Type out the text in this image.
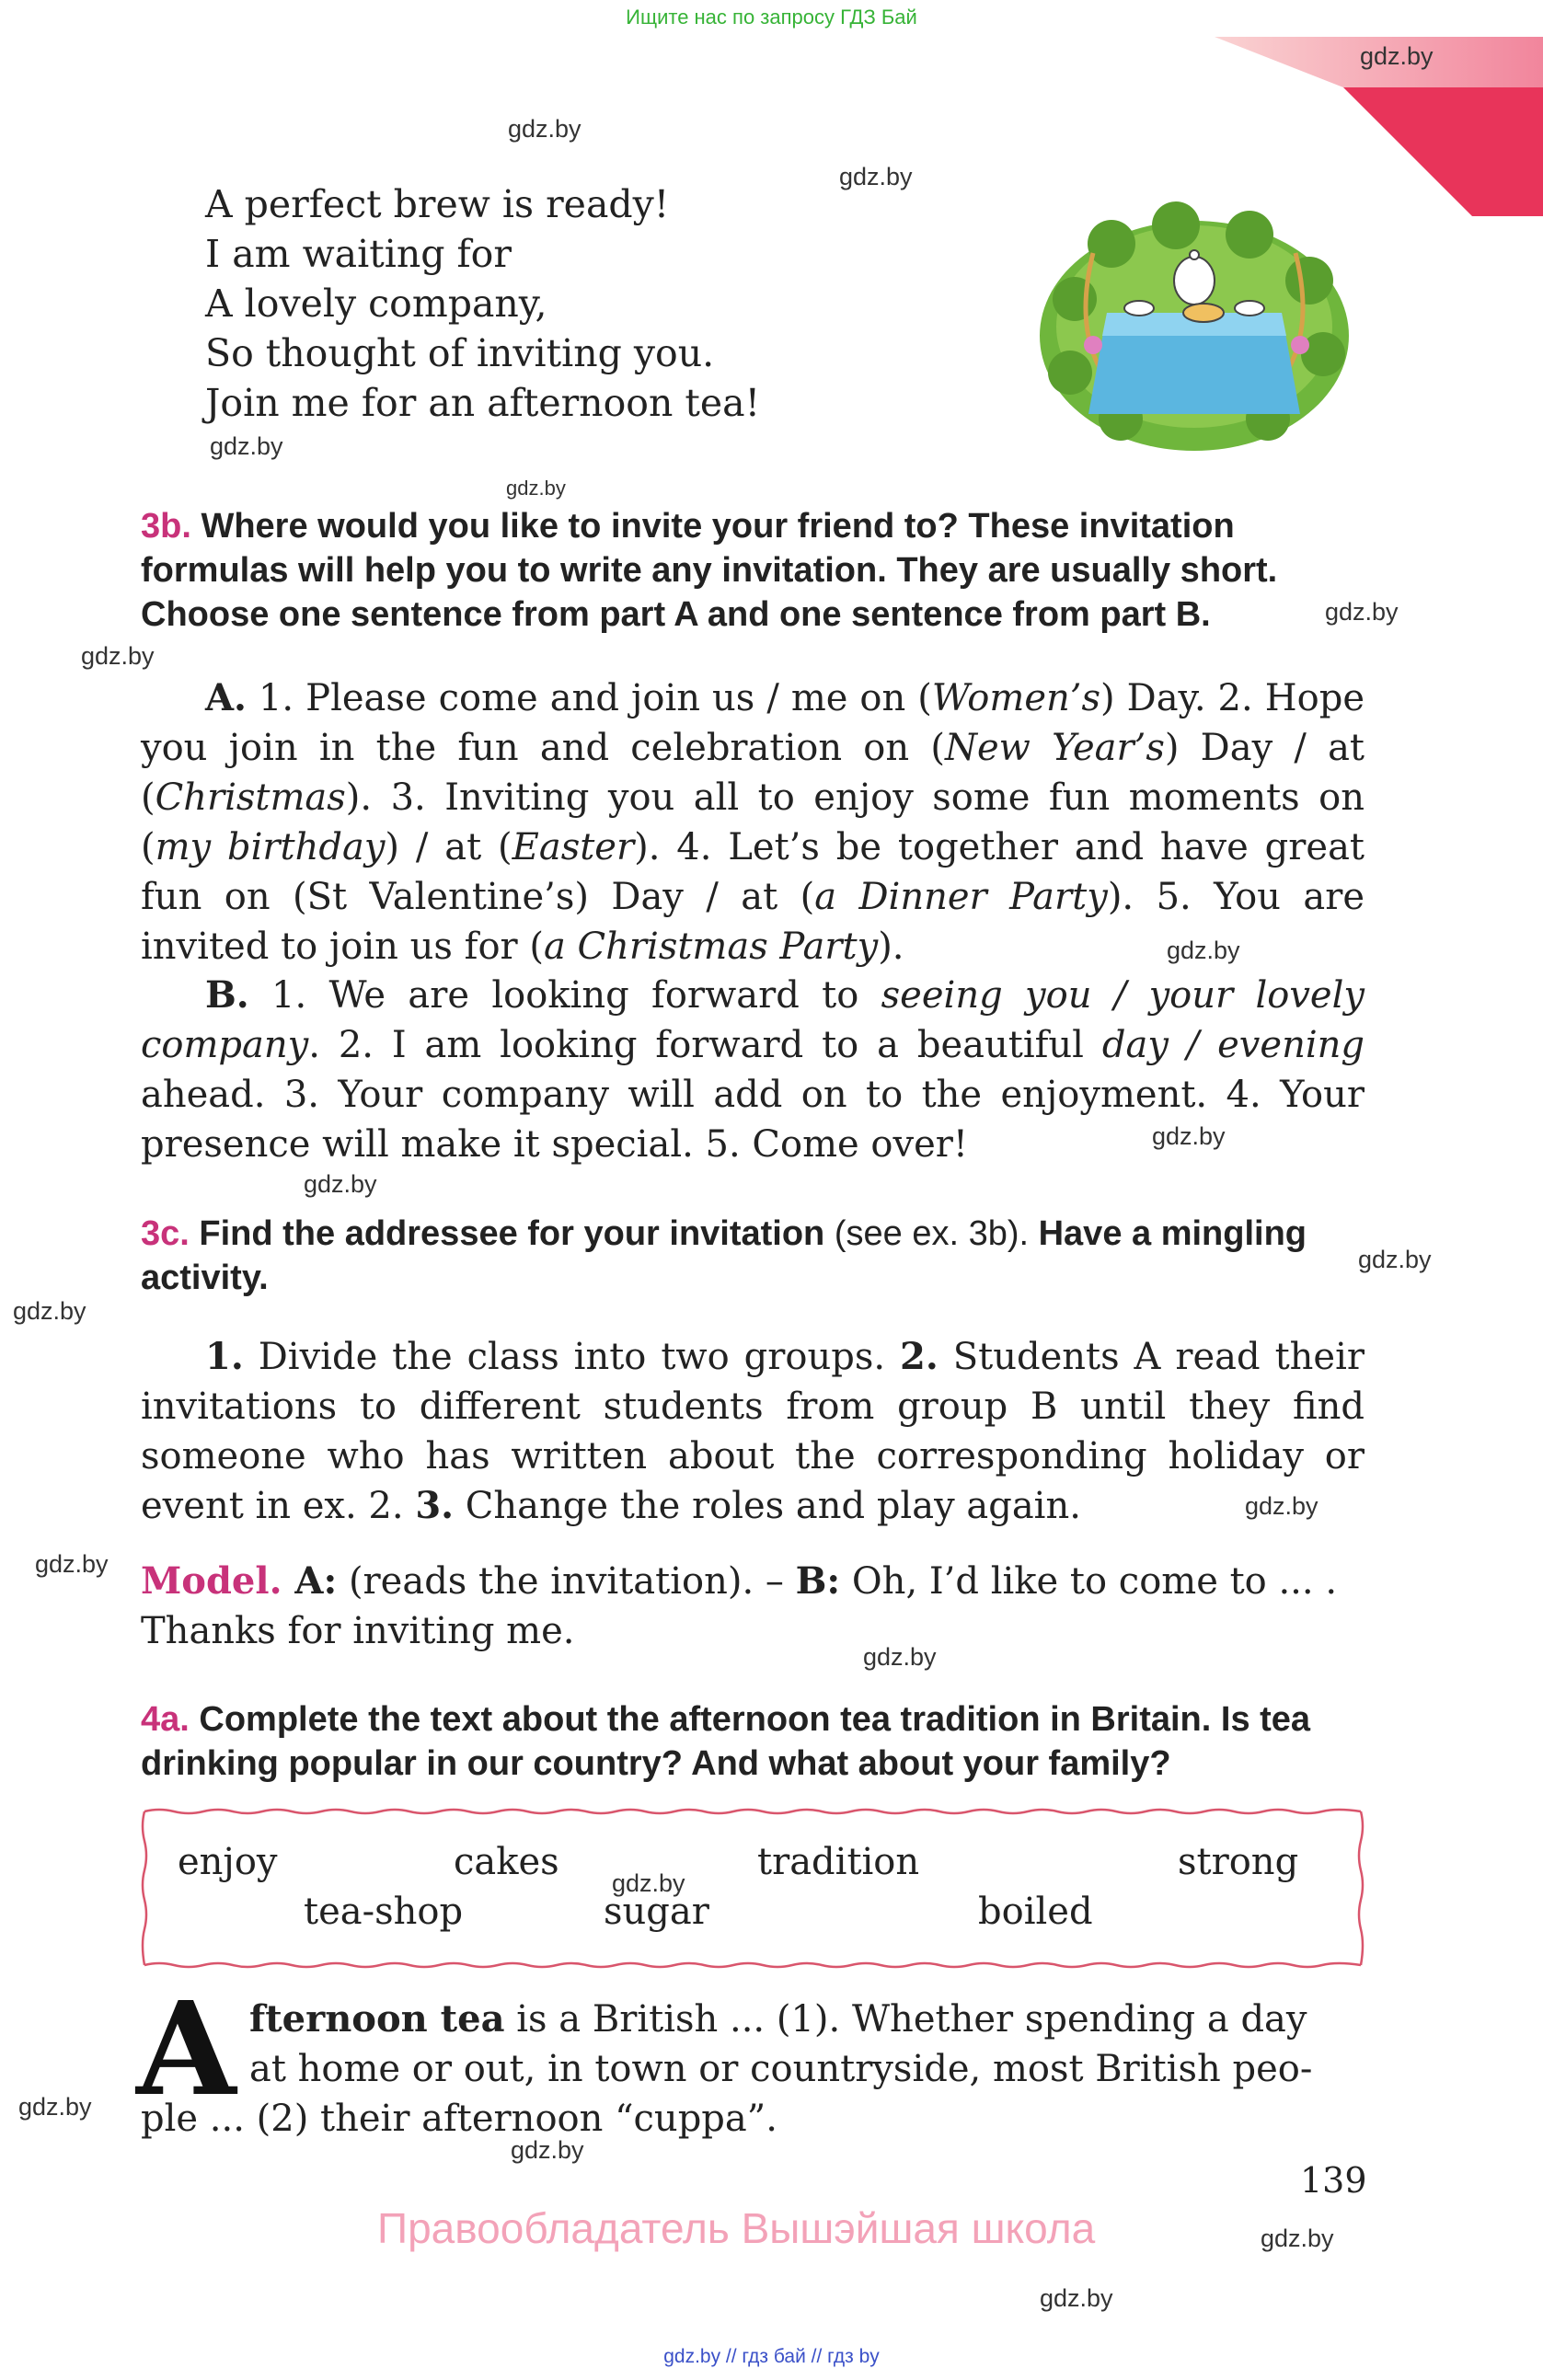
Ищите нас по запросу ГДЗ Бай
gdz.by
gdz.by
gdz.by
gdz.by
gdz.by
gdz.by
gdz.by
gdz.by
gdz.by
gdz.by
gdz.by
gdz.by
gdz.by
gdz.by
gdz.by
gdz.by
gdz.by
gdz.by
gdz.by
gdz.by
A perfect brew is ready!
I am waiting for
A lovely company,
So thought of inviting you.
Join me for an afternoon tea!
3b. Where would you like to invite your friend to? These invitation formulas will help you to write any invitation. They are usually short. Choose one sentence from part A and one sentence from part B.
A. 1. Please come and join us / me on (Women’s) Day. 2. Hope you join in the fun and celebration on (New Year’s) Day / at (Christmas). 3. Inviting you all to enjoy some fun moments on (my birthday) / at (Easter). 4. Let’s be together and have great fun on (St Valentine’s) Day / at (a Dinner Party). 5. You are invited to join us for (a Christmas Party).
B. 1. We are looking forward to seeing you / your lovely company. 2. I am looking forward to a beautiful day / evening ahead. 3. Your company will add on to the enjoyment. 4. Your presence will make it special. 5. Come over!
3c. Find the addressee for your invitation (see ex. 3b). Have a mingling activity.
1. Divide the class into two groups. 2. Students A read their invitations to different students from group B until they find someone who has written about the corresponding holiday or event in ex. 2. 3. Change the roles and play again.
Model. A: (reads the invitation). – B: Oh, I’d like to come to ... . Thanks for inviting me.
4a. Complete the text about the afternoon tea tradition in Britain. Is tea drinking popular in our country? And what about your family?
enjoy	cakes	tradition	strong
tea-shop	sugar	boiled
A fternoon tea is a British ... (1). Whether spending a day
at home or out, in town or countryside, most British peo-
ple ... (2) their afternoon “cuppa”.
139
Правообладатель Вышэйшая школа
gdz.by // гдз бай // гдз by
